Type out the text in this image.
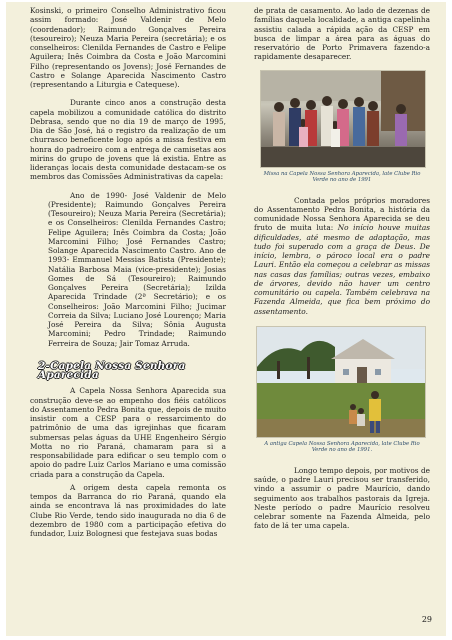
Kosinski, o primeiro Conselho Administrativo ficou assim formado: José Valdenir de Melo (coordenador); Raimundo Gonçalves Pereira (tesoureiro); Neuza Maria Pereira (secretária); e os conselheiros: Clenilda Fernandes de Castro e Felipe Aguilera; Inês Coimbra da Costa e João Marcomini Filho (representando os Jovens); José Fernandes de Castro e Solange Aparecida Nascimento Castro (representando a Liturgia e Catequese).

Durante cinco anos a construção desta capela mobilizou a comunidade católica do distrito Debrasa, sendo que no dia 19 de março de 1995, Dia de São José, há o registro da realização de um churrasco beneficente logo após a missa festiva em honra do padroeiro com a entrega de camisetas aos mirins do grupo de jovens que lá existia. Entre as lideranças locais desta comunidade destacam-se os membros das Comissões Administrativas da capela:

Ano de 1990- José Valdenir de Melo (Presidente); Raimundo Gonçalves Pereira (Tesoureiro); Neuza Maria Pereira (Secretária); e os Conselheiros: Clenilda Fernandes Castro; Felipe Aguilera; Inês Coimbra da Costa; João Marcomini Filho; José Fernandes Castro; Solange Aparecida Nascimento Castro. Ano de 1993- Emmanuel Messias Batista (Presidente); Natália Barbosa Maia (vice-presidente); Josias Gomes de Sá (Tesoureiro); Raimundo Gonçalves Pereira (Secretária); Izilda Aparecida Trindade (2ª Secretário); e os Conselheiros: João Marcomini Filho; Jucimar Correia da Silva; Luciano José Lourenço; Maria José Pereira da Silva; Sônia Augusta Marcomini; Pedro Trindade; Raimundo Ferreira de Souza; Jair Tomaz Arruda.

2-Capela Nossa Senhora Aparecida

A Capela Nossa Senhora Aparecida sua construção deve-se ao empenho dos fiéis católicos do Assentamento Pedra Bonita que, depois de muito insistir com a CESP para o ressarcimento do patrimônio de uma das igrejinhas que ficaram submersas pelas águas da UHE Engenheiro Sérgio Motta no rio Paraná, chamaram para si a responsabilidade para edificar o seu templo com o apoio do padre Luiz Carlos Mariano e uma comissão criada para a construção da Capela.

A origem desta capela remonta os tempos da Barranca do rio Paraná, quando ela ainda se encontrava lá nas proximidades do late Clube Rio Verde, tendo sido inaugurada no dia 6 de dezembro de 1980 com a participação efetiva do fundador, Luiz Bolognesi que festejava suas bodas

de prata de casamento. Ao lado de dezenas de famílias daquela localidade, a antiga capelinha assistiu calada a rápida ação da CESP em busca de limpar a área para as águas do reservatório de Porto Primavera fazendo-a rapidamente desaparecer.

Missa na Capela Nossa Senhora Aparecida, late Clube Rio Verde no ano de 1991

Contada pelos próprios moradores do Assentamento Pedra Bonita, a história da comunidade Nossa Senhora Aparecida se deu fruto de muita luta: No início houve muitas dificuldades, até mesmo de adaptação, mas tudo foi superado com a graça de Deus. De início, lembra, o pároco local era o padre Lauri. Então ela começou a celebrar as missas nas casas das famílias; outras vezes, embaixo de árvores, devido não haver um centro comunitário ou capela. Também celebrava na Fazenda Almeida, que fica bem próximo do assentamento.

A antiga Capela Nossa Senhora Aparecida, late Clube Rio Verde no ano de 1991.

Longo tempo depois, por motivos de saúde, o padre Lauri precisou ser transferido, vindo a assumir o padre Maurício, dando seguimento aos trabalhos pastorais da Igreja. Neste período o padre Maurício resolveu celebrar somente na Fazenda Almeida, pelo fato de lá ter uma capela.

29
